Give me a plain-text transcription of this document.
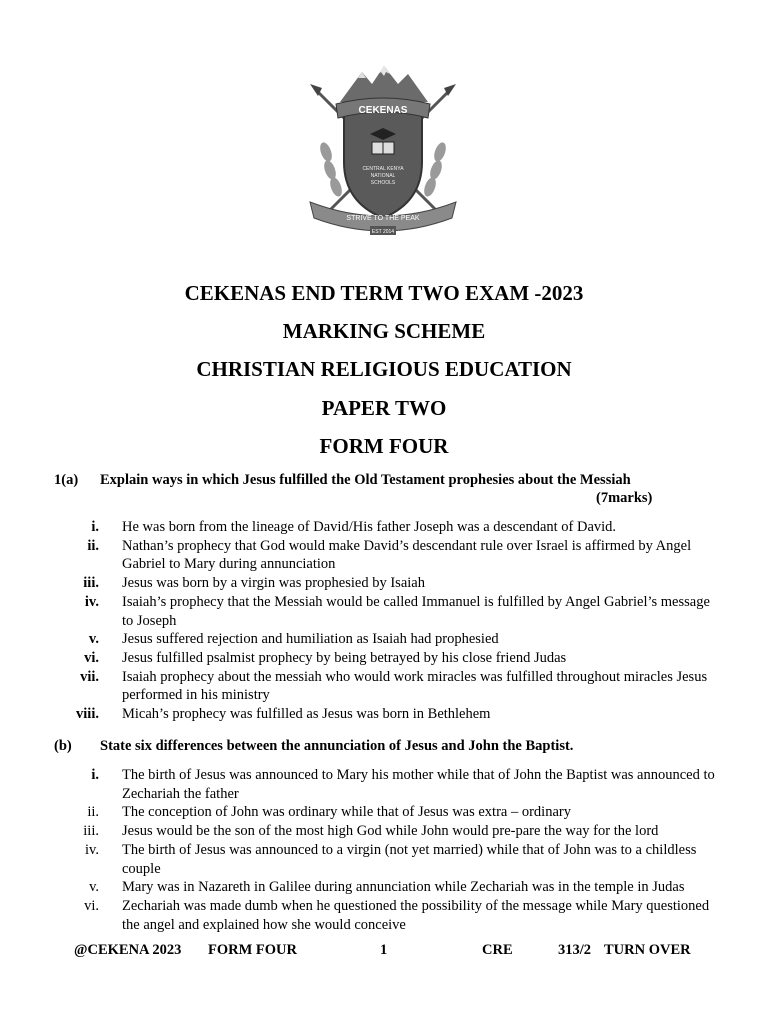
CEKENAS
CENTRAL KENYA
NATIONAL
SCHOOLS
STRIVE TO THE PEAK
EST 2014
CEKENAS END TERM TWO EXAM -2023
MARKING SCHEME
CHRISTIAN RELIGIOUS EDUCATION
PAPER TWO
FORM FOUR
1(a) Explain ways in which Jesus fulfilled the Old Testament prophesies about the Messiah
(7marks)
i. He was born from the lineage of David/His father Joseph was a descendant of David.
ii. Nathan’s prophecy that God would make David’s descendant rule over Israel is affirmed by Angel Gabriel to Mary during annunciation
iii. Jesus was born by a virgin was prophesied by Isaiah
iv. Isaiah’s prophecy that the Messiah would be called Immanuel is fulfilled by Angel Gabriel’s message to Joseph
v. Jesus suffered rejection and humiliation as Isaiah had prophesied
vi. Jesus fulfilled psalmist prophecy by being betrayed by his close friend Judas
vii. Isaiah prophecy about the messiah who would work miracles was fulfilled throughout miracles Jesus performed in his ministry
viii. Micah’s prophecy was fulfilled as Jesus was born in Bethlehem
(b) State six differences between the annunciation of Jesus and John the Baptist.
i. The birth of Jesus was announced to Mary his mother while that of John the Baptist was announced to Zechariah the father
ii. The conception of John was ordinary while that of Jesus was extra – ordinary
iii. Jesus would be the son of the most high God while John would pre-pare the way for the lord
iv. The birth of Jesus was announced to a virgin (not yet married) while that of John was to a childless couple
v. Mary was in Nazareth in Galilee during annunciation while Zechariah was in the temple in Judas
vi. Zechariah was made dumb when he questioned the possibility of the message while Mary questioned the angel and explained how she would conceive
@CEKENA 2023 FORM FOUR	1	CRE	313/2 TURN OVER
